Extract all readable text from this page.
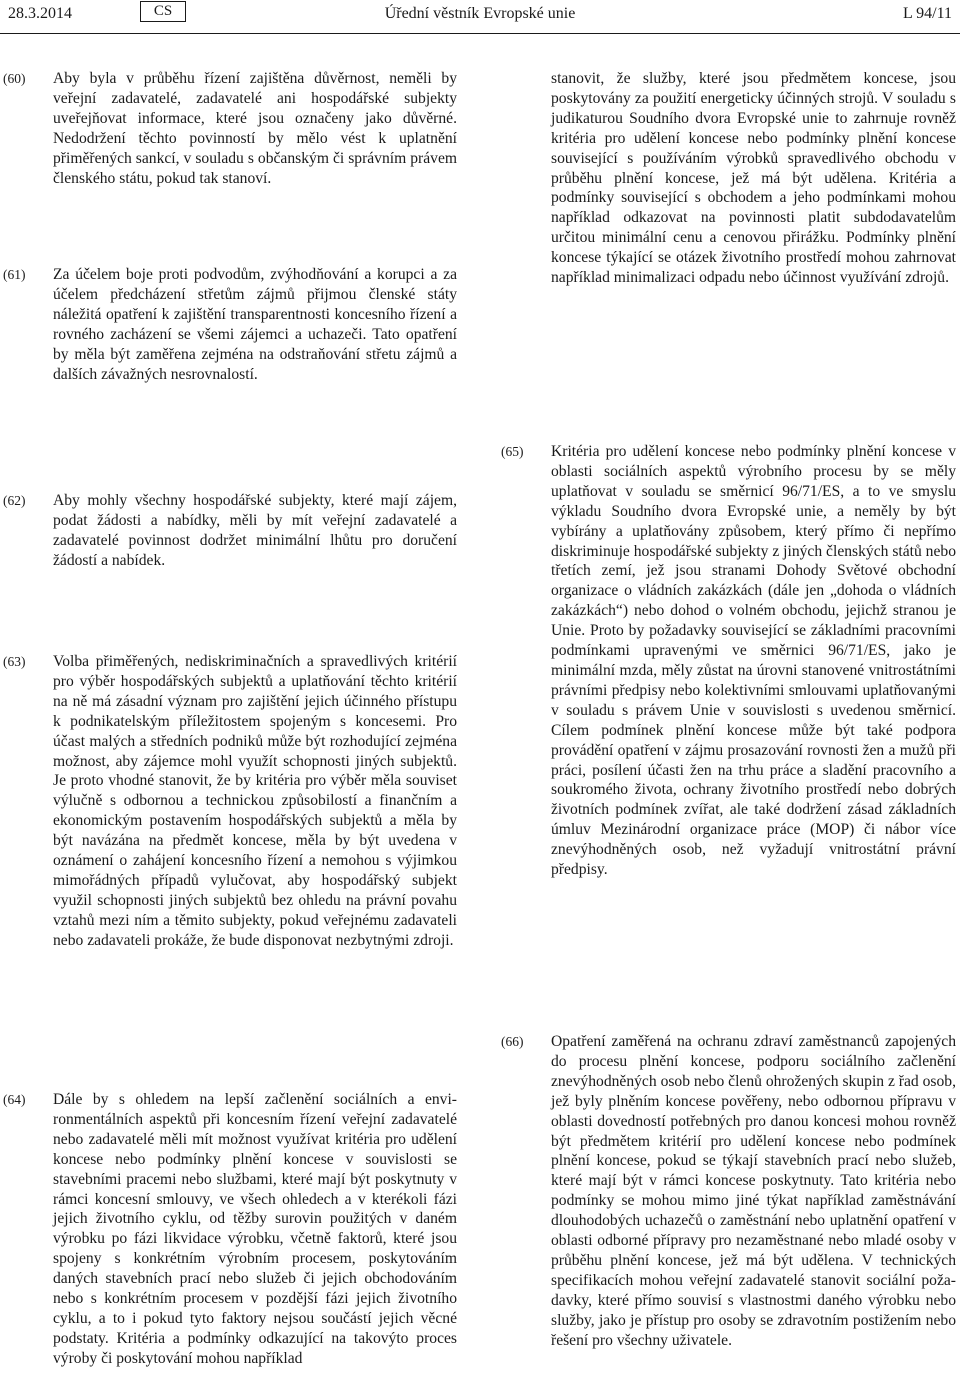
28.3.2014	CS	Úřední věstník Evropské unie	L 94/11
(60) Aby byla v průběhu řízení zajištěna důvěrnost, neměli by veřejní zadavatelé, zadavatelé ani hospodářské subjekty uveřejňovat informace, které jsou označeny jako důvěrné. Nedodržení těchto povinností by mělo vést k uplatnění přiměřených sankcí, v souladu s občanským či správním právem členského státu, pokud tak stanoví.
(61) Za účelem boje proti podvodům, zvýhodňování a korupci a za účelem předcházení střetům zájmů přijmou členské státy náležitá opatření k zajištění transparentnosti koncesního řízení a rovného zacházení se všemi zájemci a uchazeči. Tato opatření by měla být zaměřena zejména na odstraňování střetu zájmů a dalších závažných nesrovnalostí.
(62) Aby mohly všechny hospodářské subjekty, které mají zájem, podat žádosti a nabídky, měli by mít veřejní zadavatelé a zadavatelé povinnost dodržet minimální lhůtu pro doručení žádostí a nabídek.
(63) Volba přiměřených, nediskriminačních a spravedlivých kritérií pro výběr hospodářských subjektů a uplatňování těchto kritérií na ně má zásadní význam pro zajištění jejich účinného přístupu k podnikatelským příležitostem spojeným s koncesemi. Pro účast malých a středních podniků může být rozhodující zejména možnost, aby zájemce mohl využít schopnosti jiných subjektů. Je proto vhodné stanovit, že by kritéria pro výběr měla souviset výlučně s odbornou a technickou způsobilostí a finančním a ekonomickým postavením hospodářských subjektů a měla by být navázána na předmět koncese, měla by být uvedena v oznámení o zahájení koncesního řízení a nemohou s výjimkou mimořádných případů vylučovat, aby hospodářský subjekt využil schopnosti jiných subjektů bez ohledu na právní povahu vztahů mezi ním a těmito subjekty, pokud veřejnému zadavateli nebo zadavateli prokáže, že bude disponovat nezbytnými zdroji.
(64) Dále by s ohledem na lepší začlenění sociálních a environmentálních aspektů při koncesním řízení veřejní zadavatelé nebo zadavatelé měli mít možnost využívat kritéria pro udělení koncese nebo podmínky plnění koncese v souvislosti se stavebními pracemi nebo službami, které mají být poskytnuty v rámci koncesní smlouvy, ve všech ohledech a v kterékoli fázi jejich životního cyklu, od těžby surovin použitých v daném výrobku po fázi likvidace výrobku, včetně faktorů, které jsou spojeny s konkrétním výrobním procesem, poskytováním daných stavebních prací nebo služeb či jejich obchodováním nebo s konkrétním procesem v pozdější fázi jejich životního cyklu, a to i pokud tyto faktory nejsou součástí jejich věcné podstaty. Kritéria a podmínky odkazující na takovýto proces výroby či poskytování mohou například
stanovit, že služby, které jsou předmětem koncese, jsou poskytovány za použití energeticky účinných strojů. V souladu s judikaturou Soudního dvora Evropské unie to zahrnuje rovněž kritéria pro udělení koncese nebo podmínky plnění koncese související s používáním výrobků spravedlivého obchodu v průběhu plnění koncese, jež má být udělena. Kritéria a podmínky související s obchodem a jeho podmínkami mohou například odkazovat na povinnosti platit subdodavatelům určitou minimální cenu a cenovou přirážku. Podmínky plnění koncese týkající se otázek životního prostředí mohou zahrnovat například minimalizaci odpadu nebo účinnost využívání zdrojů.
(65) Kritéria pro udělení koncese nebo podmínky plnění koncese v oblasti sociálních aspektů výrobního procesu by se měly uplatňovat v souladu se směrnicí 96/71/ES, a to ve smyslu výkladu Soudního dvora Evropské unie, a neměly by být vybírány a uplatňovány způsobem, který přímo či nepřímo diskriminuje hospodářské subjekty z jiných členských států nebo třetích zemí, jež jsou stranami Dohody Světové obchodní organizace o vládních zakázkách (dále jen „dohoda o vládních zakázkách“) nebo dohod o volném obchodu, jejichž stranou je Unie. Proto by požadavky související se základními pracovními podmínkami upravenými ve směrnici 96/71/ES, jako je minimální mzda, měly zůstat na úrovni stanovené vnitrostátními právními předpisy nebo kolektivními smlouvami uplatňovanými v souladu s právem Unie v souvislosti s uvedenou směrnicí. Cílem podmínek plnění koncese může být také podpora provádění opatření v zájmu prosazování rovnosti žen a mužů při práci, posílení účasti žen na trhu práce a sladění pracovního a soukromého života, ochrany životního prostředí nebo dobrých životních podmínek zvířat, ale také dodržení zásad základních úmluv Mezinárodní organizace práce (MOP) či nábor více znevýhodněných osob, než vyžadují vnitrostátní právní předpisy.
(66) Opatření zaměřená na ochranu zdraví zaměstnanců zapojených do procesu plnění koncese, podporu sociálního začlenění znevýhodněných osob nebo členů ohrožených skupin z řad osob, jež byly plněním koncese pověřeny, nebo odbornou přípravu v oblasti dovedností potřebných pro danou koncesi mohou rovněž být předmětem kritérií pro udělení koncese nebo podmínek plnění koncese, pokud se týkají stavebních prací nebo služeb, které mají být v rámci koncese poskytnuty. Tato kritéria nebo podmínky se mohou mimo jiné týkat například zaměstnávání dlouhodobých uchazečů o zaměstnání nebo uplatnění opatření v oblasti odborné přípravy pro nezaměstnané nebo mladé osoby v průběhu plnění koncese, jež má být udělena. V technických specifikacích mohou veřejní zadavatelé stanovit sociální požadavky, které přímo souvisí s vlastnostmi daného výrobku nebo služby, jako je přístup pro osoby se zdravotním postižením nebo řešení pro všechny uživatele.
